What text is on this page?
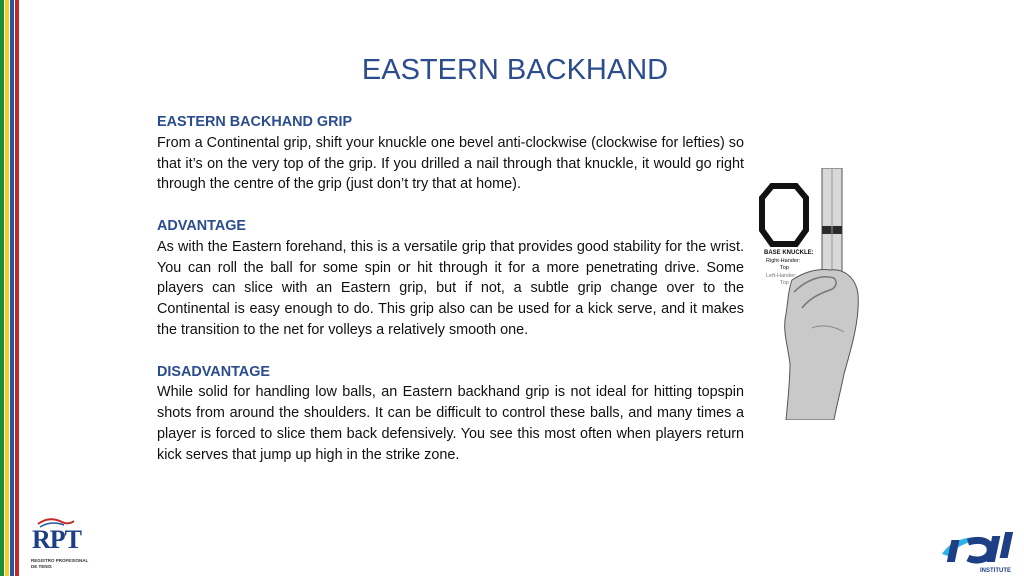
EASTERN BACKHAND
EASTERN BACKHAND GRIP
From a Continental grip, shift your knuckle one bevel anti-clockwise (clockwise for lefties) so that it’s on the very top of the grip. If you drilled a nail through that knuckle, it would go right through the centre of the grip (just don’t try that at home).
ADVANTAGE
As with the Eastern forehand, this is a versatile grip that provides good stability for the wrist. You can roll the ball for some spin or hit through it for a more penetrating drive. Some players can slice with an Eastern grip, but if not, a subtle grip change over to the Continental is easy enough to do. This grip also can be used for a kick serve, and it makes the transition to the net for volleys a relatively smooth one.
DISADVANTAGE
While solid for handling low balls, an Eastern backhand grip is not ideal for hitting topspin shots from around the shoulders. It can be difficult to control these balls, and many times a player is forced to slice them back defensively. You see this most often when players return kick serves that jump up high in the strike zone.
BASE KNUCKLE:
Right-Hander:
Top
Left-Hander:
Top
RPT
REGISTRO PROFESIONAL
DE TENIS
INSTITUTE
